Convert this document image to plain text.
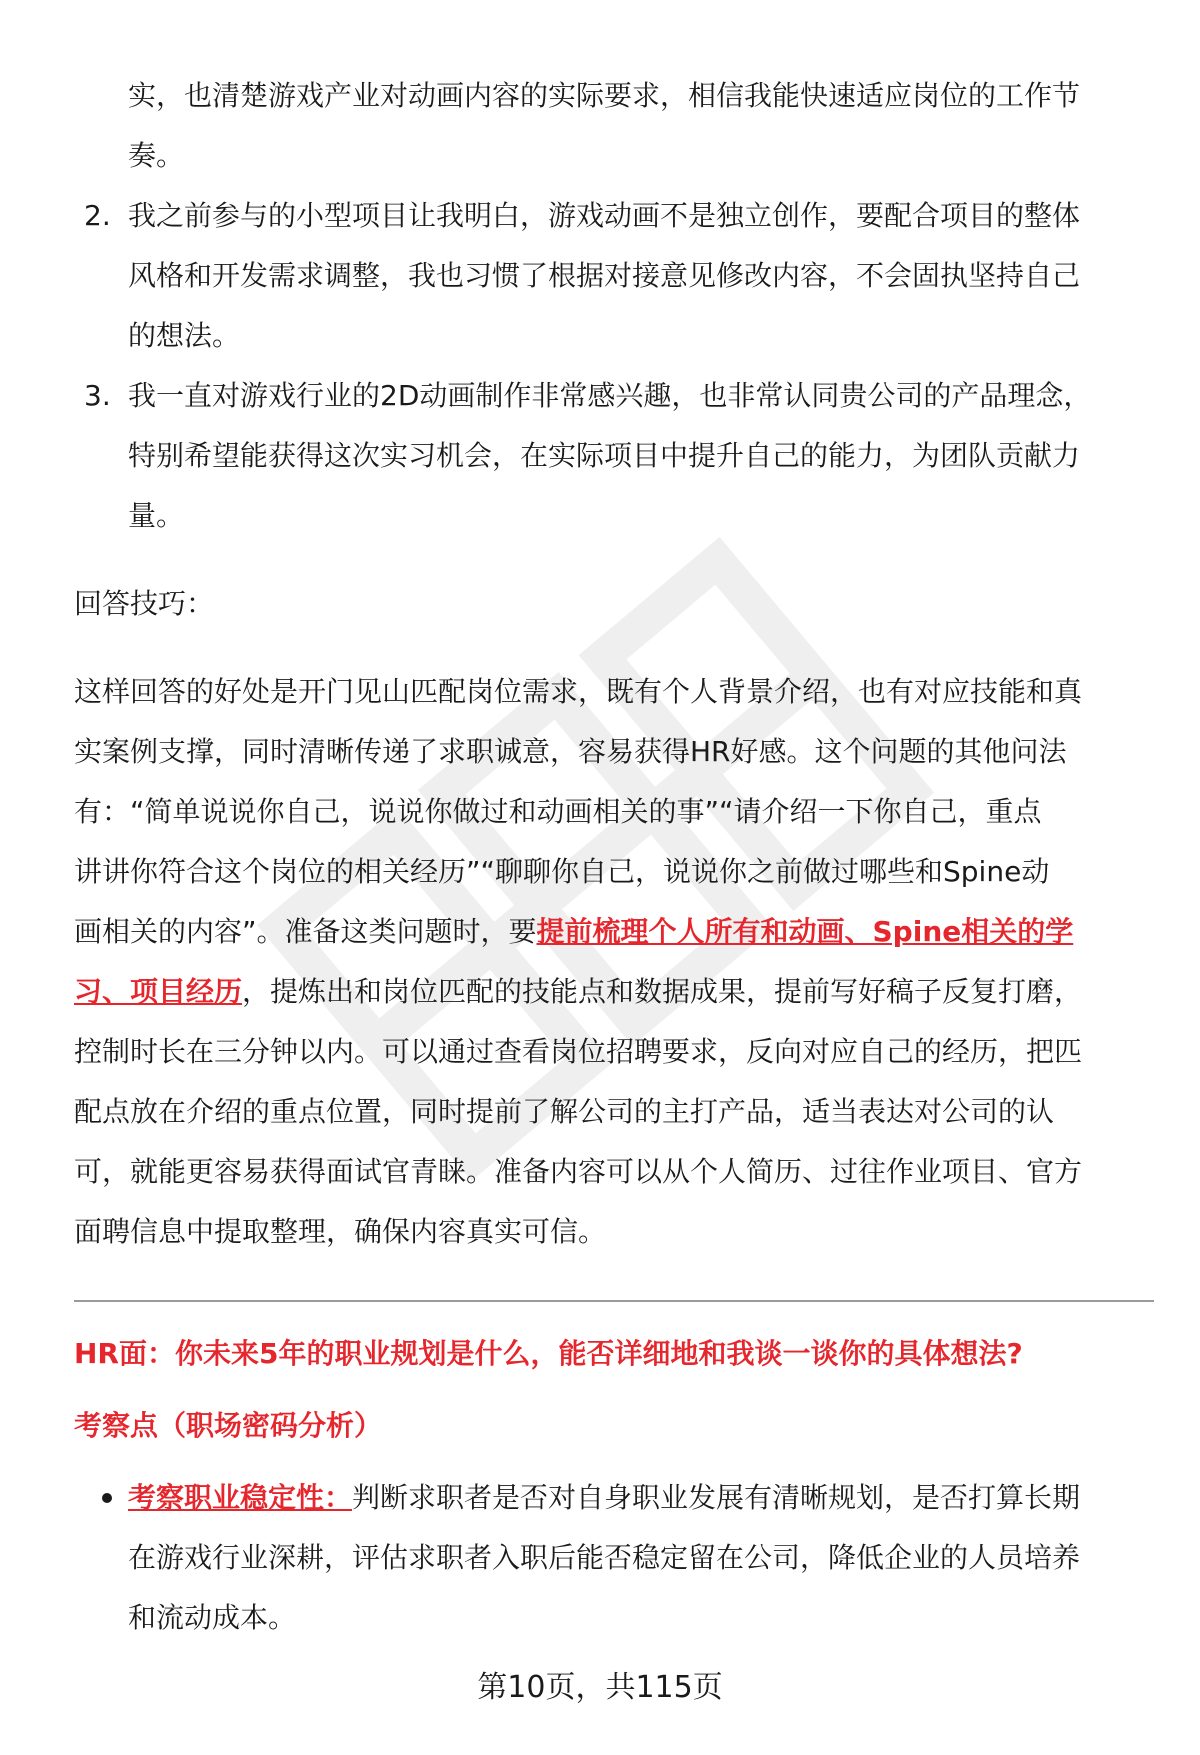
实，也清楚游戏产业对动画内容的实际要求，相信我能快速适应岗位的工作节

奏。

2. 我之前参与的小型项目让我明白，游戏动画不是独立创作，要配合项目的整体
风格和开发需求调整，我也习惯了根据对接意见修改内容，不会固执坚持自己
的想法。
3. 我一直对游戏行业的2D动画制作非常感兴趣，也非常认同贵公司的产品理念，
特别希望能获得这次实习机会，在实际项目中提升自己的能力，为团队贡献力
量。

回答技巧：

这样回答的好处是开门见山匹配岗位需求，既有个人背景介绍，也有对应技能和真

实案例支撑，同时清晰传递了求职诚意，容易获得HR好感。这个问题的其他问法

有：“简单说说你自己，说说你做过和动画相关的事”“请介绍一下你自己，重点

讲讲你符合这个岗位的相关经历”“聊聊你自己，说说你之前做过哪些和Spine动

画相关的内容”。准备这类问题时，要提前梳理个人所有和动画、Spine相关的学

习、项目经历，提炼出和岗位匹配的技能点和数据成果，提前写好稿子反复打磨，

控制时长在三分钟以内。可以通过查看岗位招聘要求，反向对应自己的经历，把匹

配点放在介绍的重点位置，同时提前了解公司的主打产品，适当表达对公司的认

可，就能更容易获得面试官青睐。准备内容可以从个人简历、过往作业项目、官方

面聘信息中提取整理，确保内容真实可信。

HR面：你未来5年的职业规划是什么，能否详细地和我谈一谈你的具体想法?

考察点（职场密码分析）

考察职业稳定性：判断求职者是否对自身职业发展有清晰规划，是否打算长期
在游戏行业深耕，评估求职者入职后能否稳定留在公司，降低企业的人员培养
和流动成本。
第10页，共115页
